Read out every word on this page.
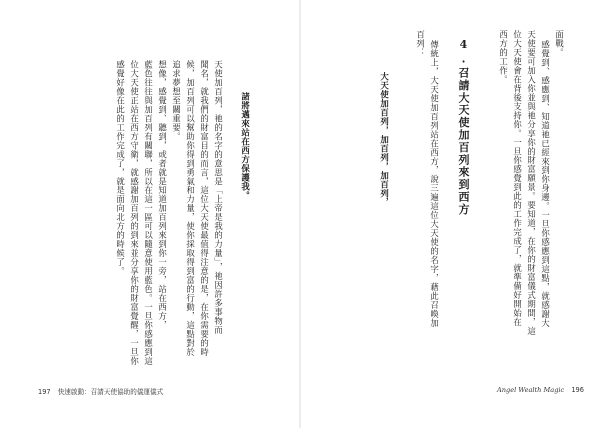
諸將邁來站在西方保護我。
天使加百列，祂的名字的意思是「上帝是我的力量」，祂因許多事物而
聞名，就我們的財富目的而言，這位大天使最值得注意的是，在你需要的時
候，加百列可以幫助你得到勇氣和力量，使你採取得到富的行動，這點對於
追求夢想至關重要。
想像，感覺到、聽到，或者就是知道加百列來到你一旁，站在西方，
藍色往往與加百列有關聯，所以在這一區可以隨意使用藍色。一旦你感應到這
位大天使正站在西方守衛，就感謝加百列的到來並分享你的財富覺醒，一旦你
感覺好像在此的工作完成了，就是面向北方的時候了。
197 快速啟動：召請天使協助的儀運儀式
面戰。
感覺到、感應到、知道祂已經來到你身邊。一旦你感應到這點，就感謝大
天使要可加入你並與祂分享你的財富願景。要知道，在你的財富儀式期間，這
位大天使會在背後支持你。一旦你感覺到此的工作完成了，就準備好開始在
西方的工作。
4.召請大天使加百列來到西方
傳統上，大天使加百列站在西方，說三遍這位大天使的名字，藉此召喚加
百列：
大天使加百列，加百列，加百列，
Angel Wealth Magic 196
